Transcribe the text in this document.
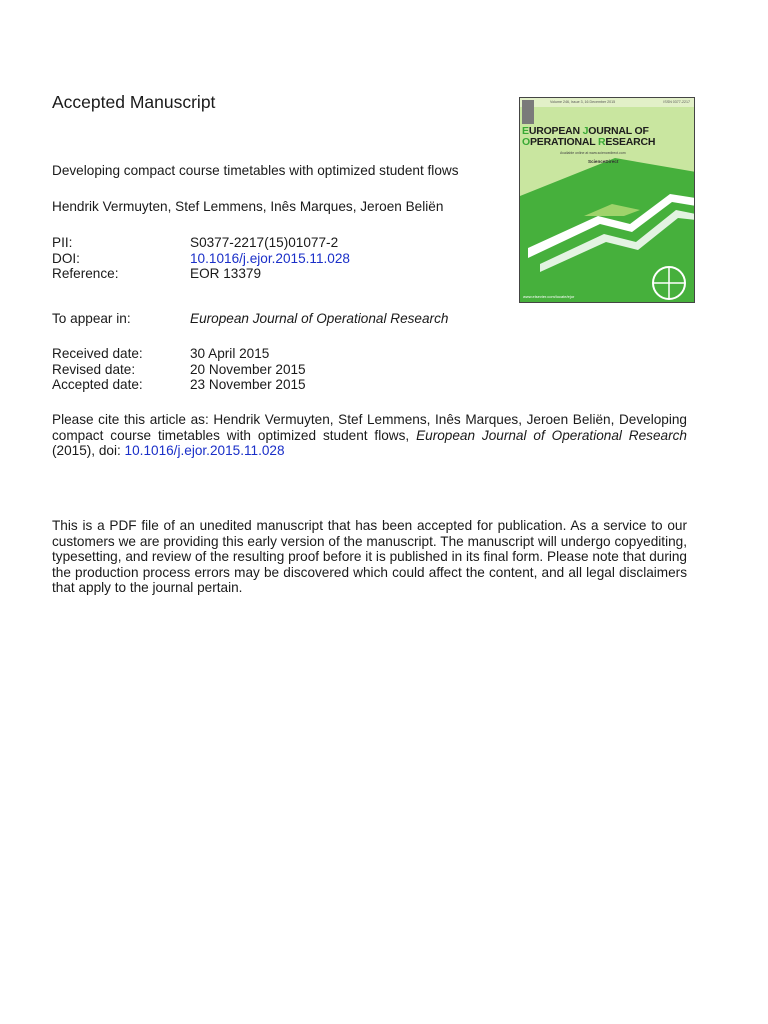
Accepted Manuscript
Developing compact course timetables with optimized student flows
Hendrik Vermuyten, Stef Lemmens, Inês Marques, Jeroen Beliën
PII:	S0377-2217(15)01077-2
DOI:	10.1016/j.ejor.2015.11.028
Reference:	EOR 13379
To appear in:	European Journal of Operational Research
Received date:	30 April 2015
Revised date:	20 November 2015
Accepted date:	23 November 2015
Please cite this article as: Hendrik Vermuyten, Stef Lemmens, Inês Marques, Jeroen Beliën, Developing compact course timetables with optimized student flows, European Journal of Operational Research (2015), doi: 10.1016/j.ejor.2015.11.028
This is a PDF file of an unedited manuscript that has been accepted for publication. As a service to our customers we are providing this early version of the manuscript. The manuscript will undergo copyediting, typesetting, and review of the resulting proof before it is published in its final form. Please note that during the production process errors may be discovered which could affect the content, and all legal disclaimers that apply to the journal pertain.
Volume 246, Issue 3, 16 December 2015	ISSN 0377-2217
EUROPEAN JOURNAL OF
OPERATIONAL RESEARCH
Available online at www.sciencedirect.com
ScienceDirect
www.elsevier.com/locate/ejor
